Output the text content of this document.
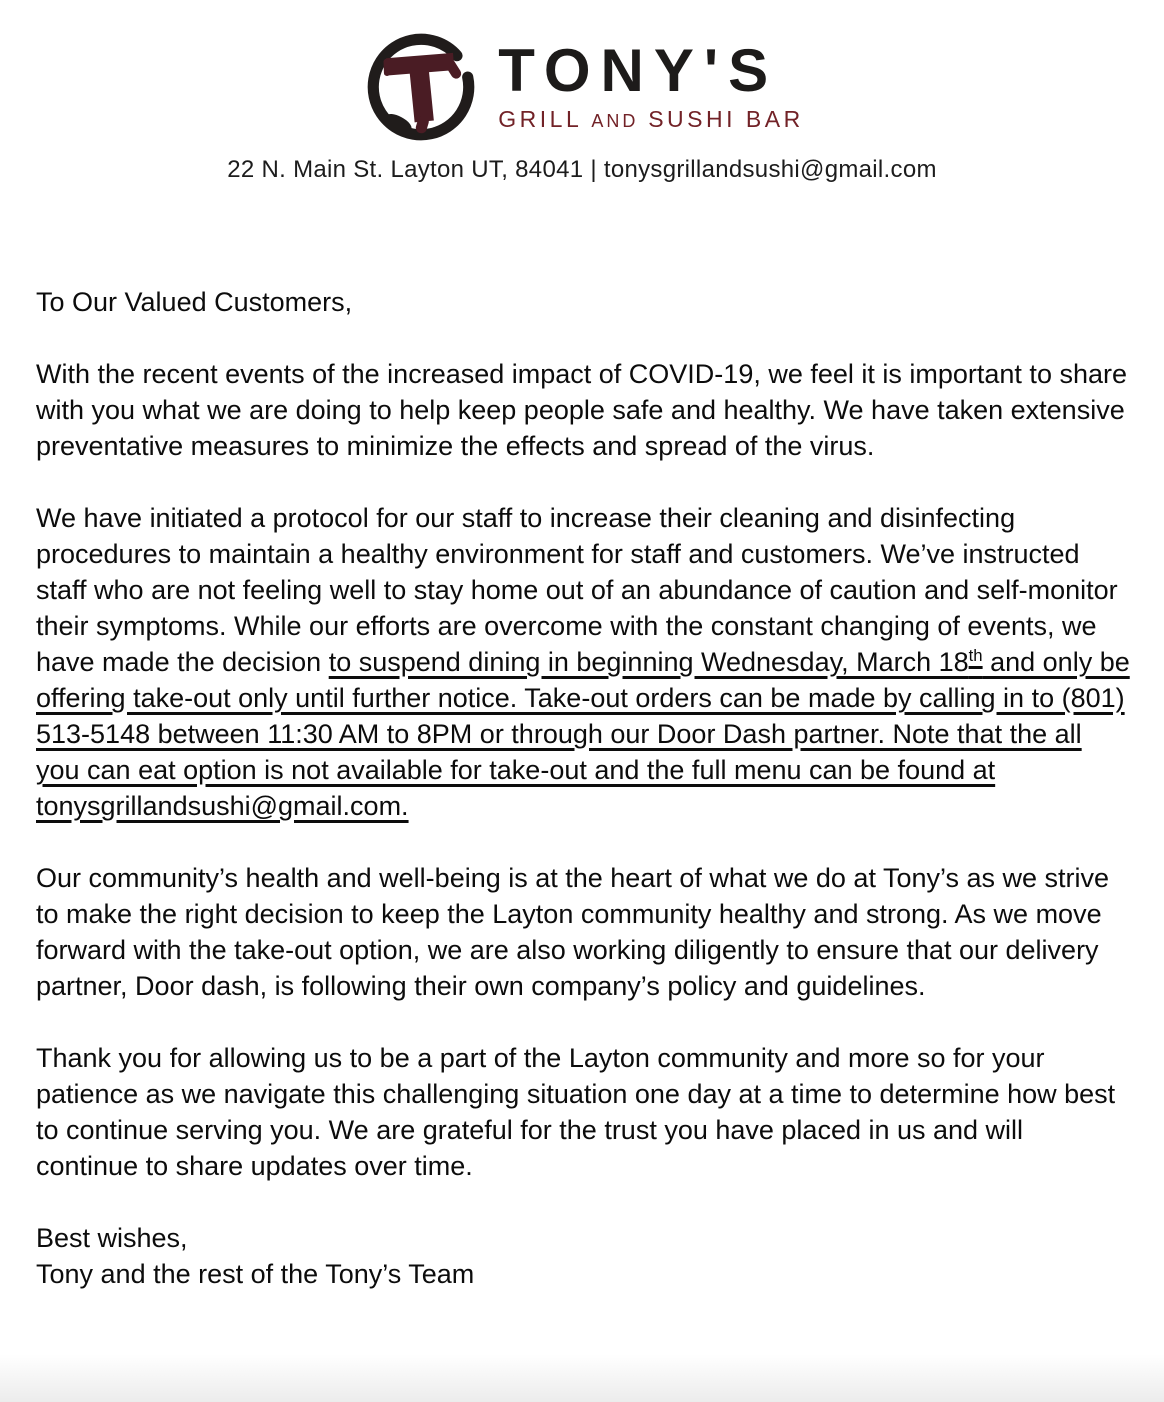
TONY'S
GRILL AND SUSHI BAR
22 N. Main St. Layton UT, 84041 | tonysgrillandsushi@gmail.com

To Our Valued Customers,

With the recent events of the increased impact of COVID-19, we feel it is important to share with you what we are doing to help keep people safe and healthy. We have taken extensive preventative measures to minimize the effects and spread of the virus.

We have initiated a protocol for our staff to increase their cleaning and disinfecting procedures to maintain a healthy environment for staff and customers. We’ve instructed staff who are not feeling well to stay home out of an abundance of caution and self-monitor their symptoms. While our efforts are overcome with the constant changing of events, we have made the decision to suspend dining in beginning Wednesday, March 18th and only be offering take-out only until further notice. Take-out orders can be made by calling in to (801) 513-5148 between 11:30 AM to 8PM or through our Door Dash partner. Note that the all you can eat option is not available for take-out and the full menu can be found at tonysgrillandsushi@gmail.com.

Our community’s health and well-being is at the heart of what we do at Tony’s as we strive to make the right decision to keep the Layton community healthy and strong. As we move forward with the take-out option, we are also working diligently to ensure that our delivery partner, Door dash, is following their own company’s policy and guidelines.

Thank you for allowing us to be a part of the Layton community and more so for your patience as we navigate this challenging situation one day at a time to determine how best to continue serving you. We are grateful for the trust you have placed in us and will continue to share updates over time.

Best wishes,
Tony and the rest of the Tony’s Team
